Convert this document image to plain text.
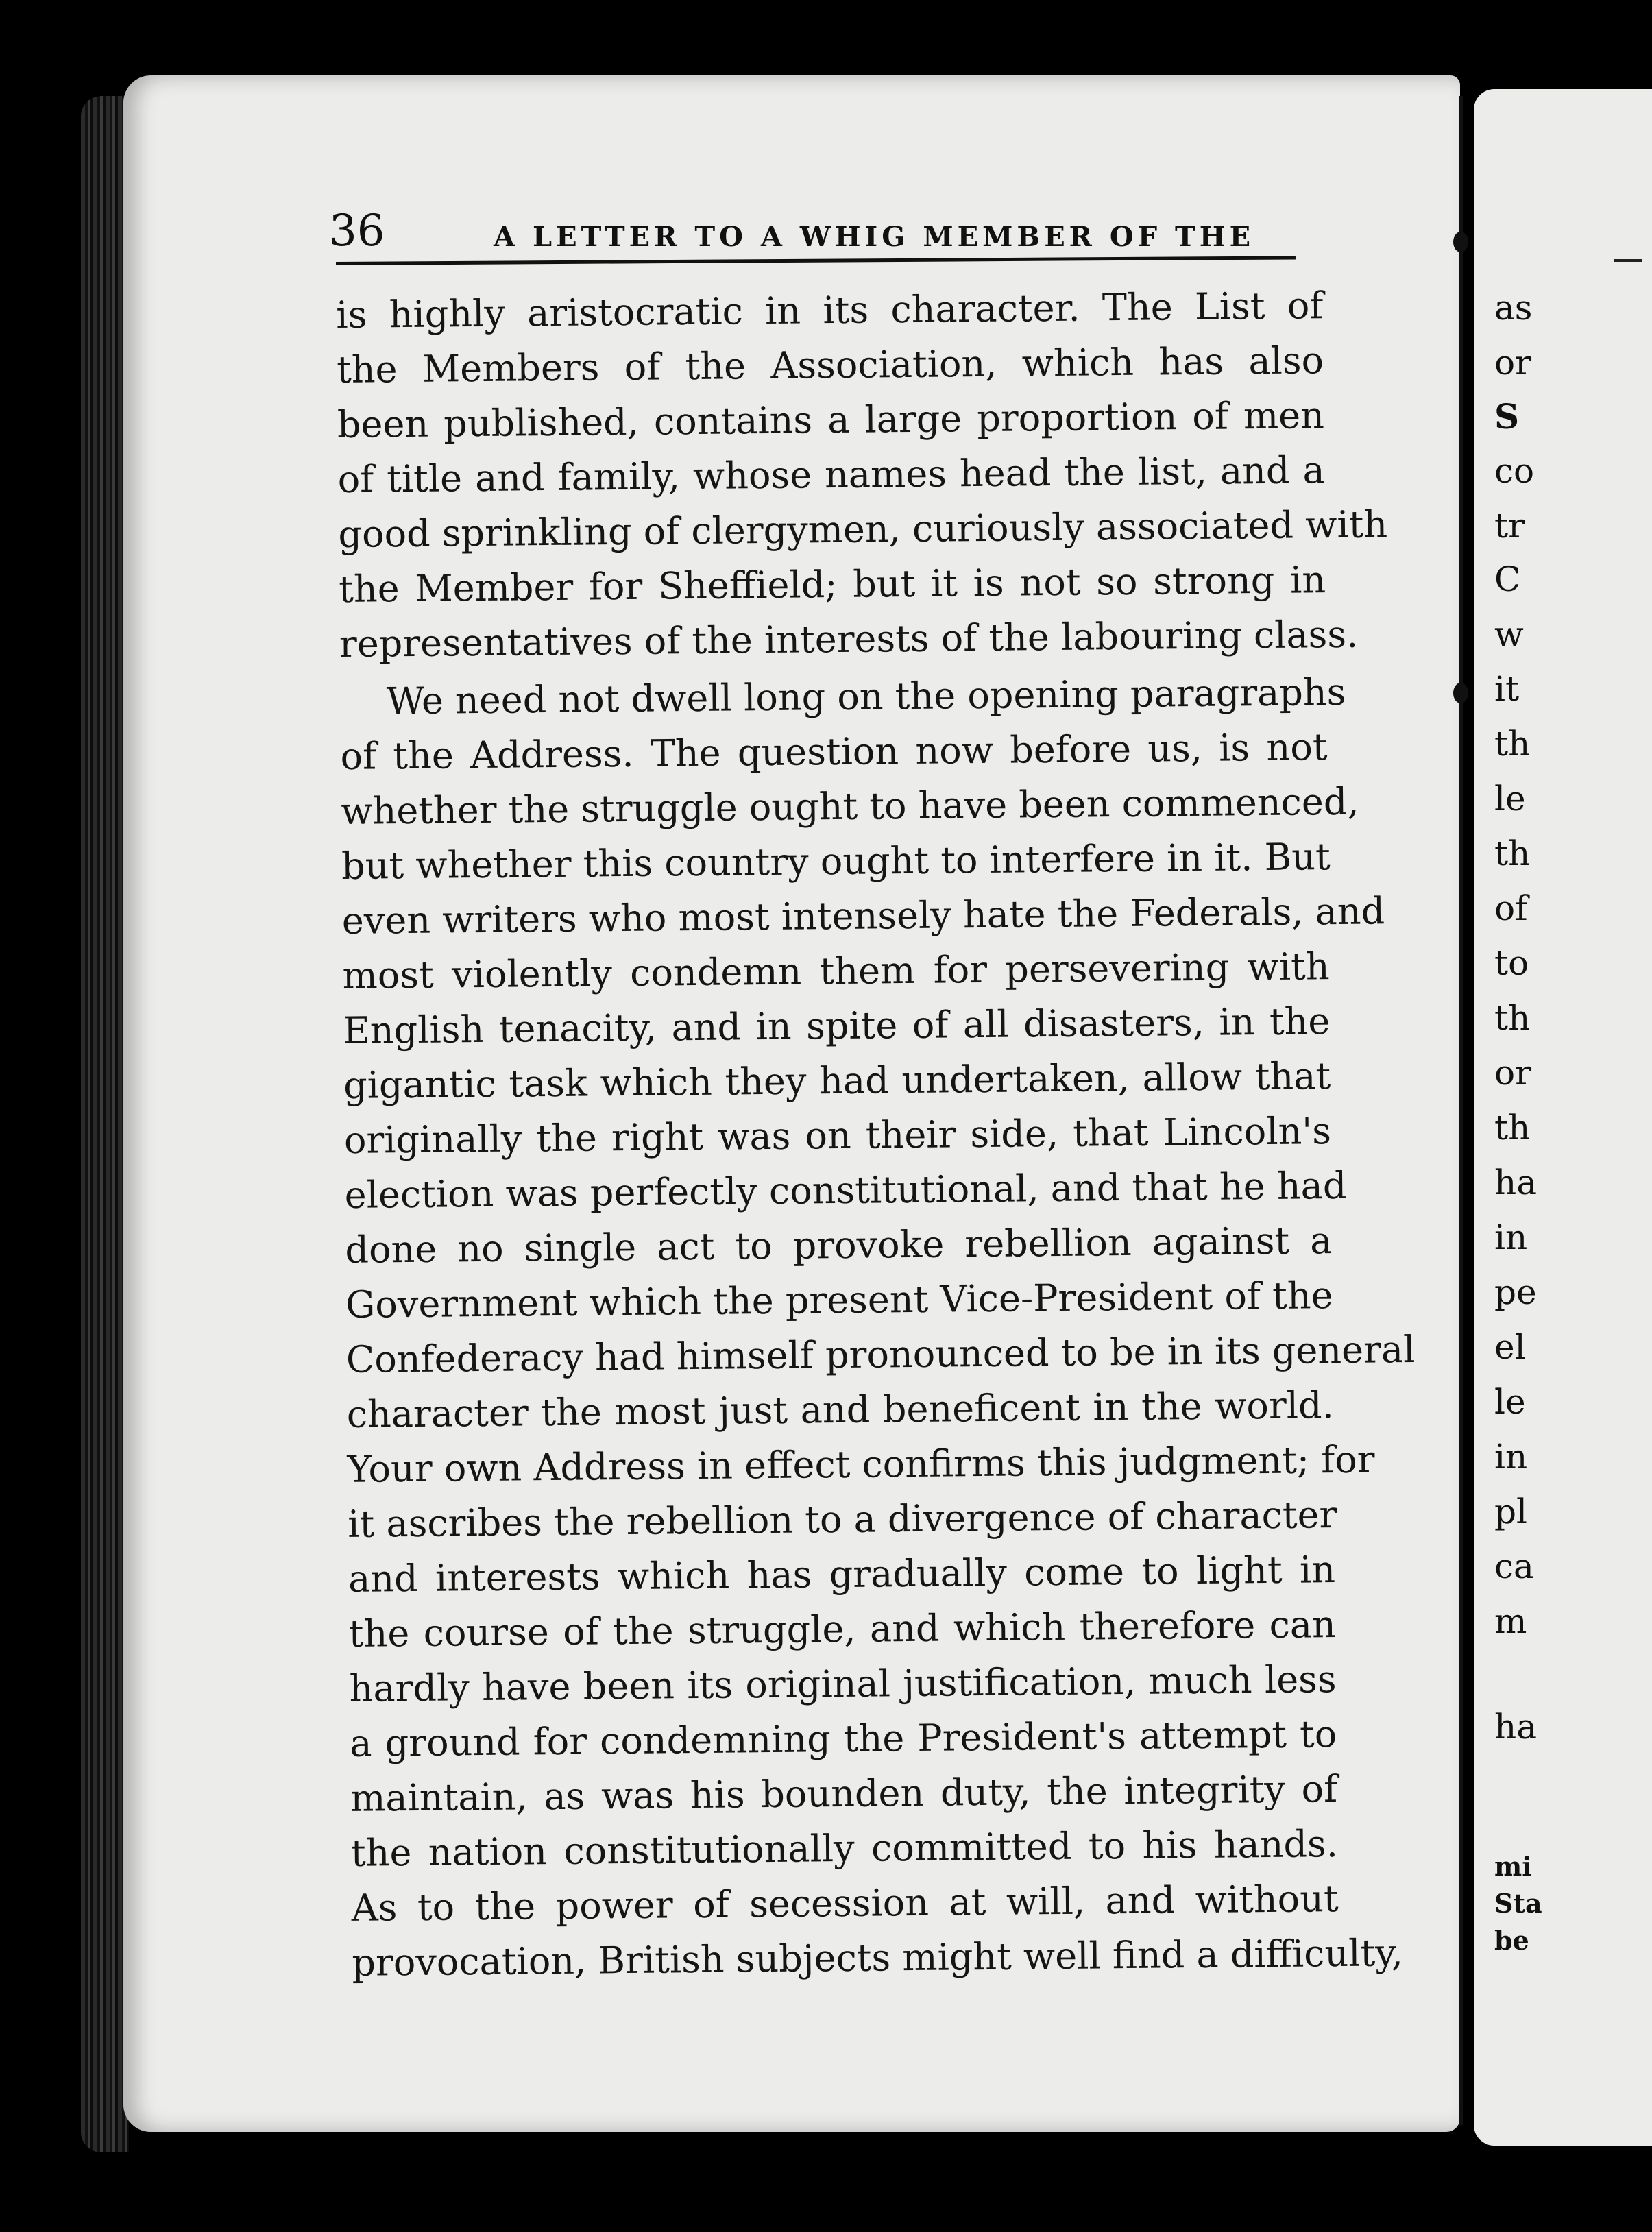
36	A LETTER TO A WHIG MEMBER OF THE
is highly aristocratic in its character. The List of
the Members of the Association, which has also
been published, contains a large proportion of men
of title and family, whose names head the list, and a
good sprinkling of clergymen, curiously associated with
the Member for Sheffield; but it is not so strong in
representatives of the interests of the labouring class.
We need not dwell long on the opening paragraphs
of the Address. The question now before us, is not
whether the struggle ought to have been commenced,
but whether this country ought to interfere in it. But
even writers who most intensely hate the Federals, and
most violently condemn them for persevering with
English tenacity, and in spite of all disasters, in the
gigantic task which they had undertaken, allow that
originally the right was on their side, that Lincoln's
election was perfectly constitutional, and that he had
done no single act to provoke rebellion against a
Government which the present Vice-President of the
Confederacy had himself pronounced to be in its general
character the most just and beneficent in the world.
Your own Address in effect confirms this judgment; for
it ascribes the rebellion to a divergence of character
and interests which has gradually come to light in
the course of the struggle, and which therefore can
hardly have been its original justification, much less
a ground for condemning the President's attempt to
maintain, as was his bounden duty, the integrity of
the nation constitutionally committed to his hands.
As to the power of secession at will, and without
provocation, British subjects might well find a difficulty,
as
or
S
co
tr
C
w
it
th
le
th
of
to
th
or
th
ha
in
pe
el
le
in
pl
ca
m
ha
mi
Sta
be
